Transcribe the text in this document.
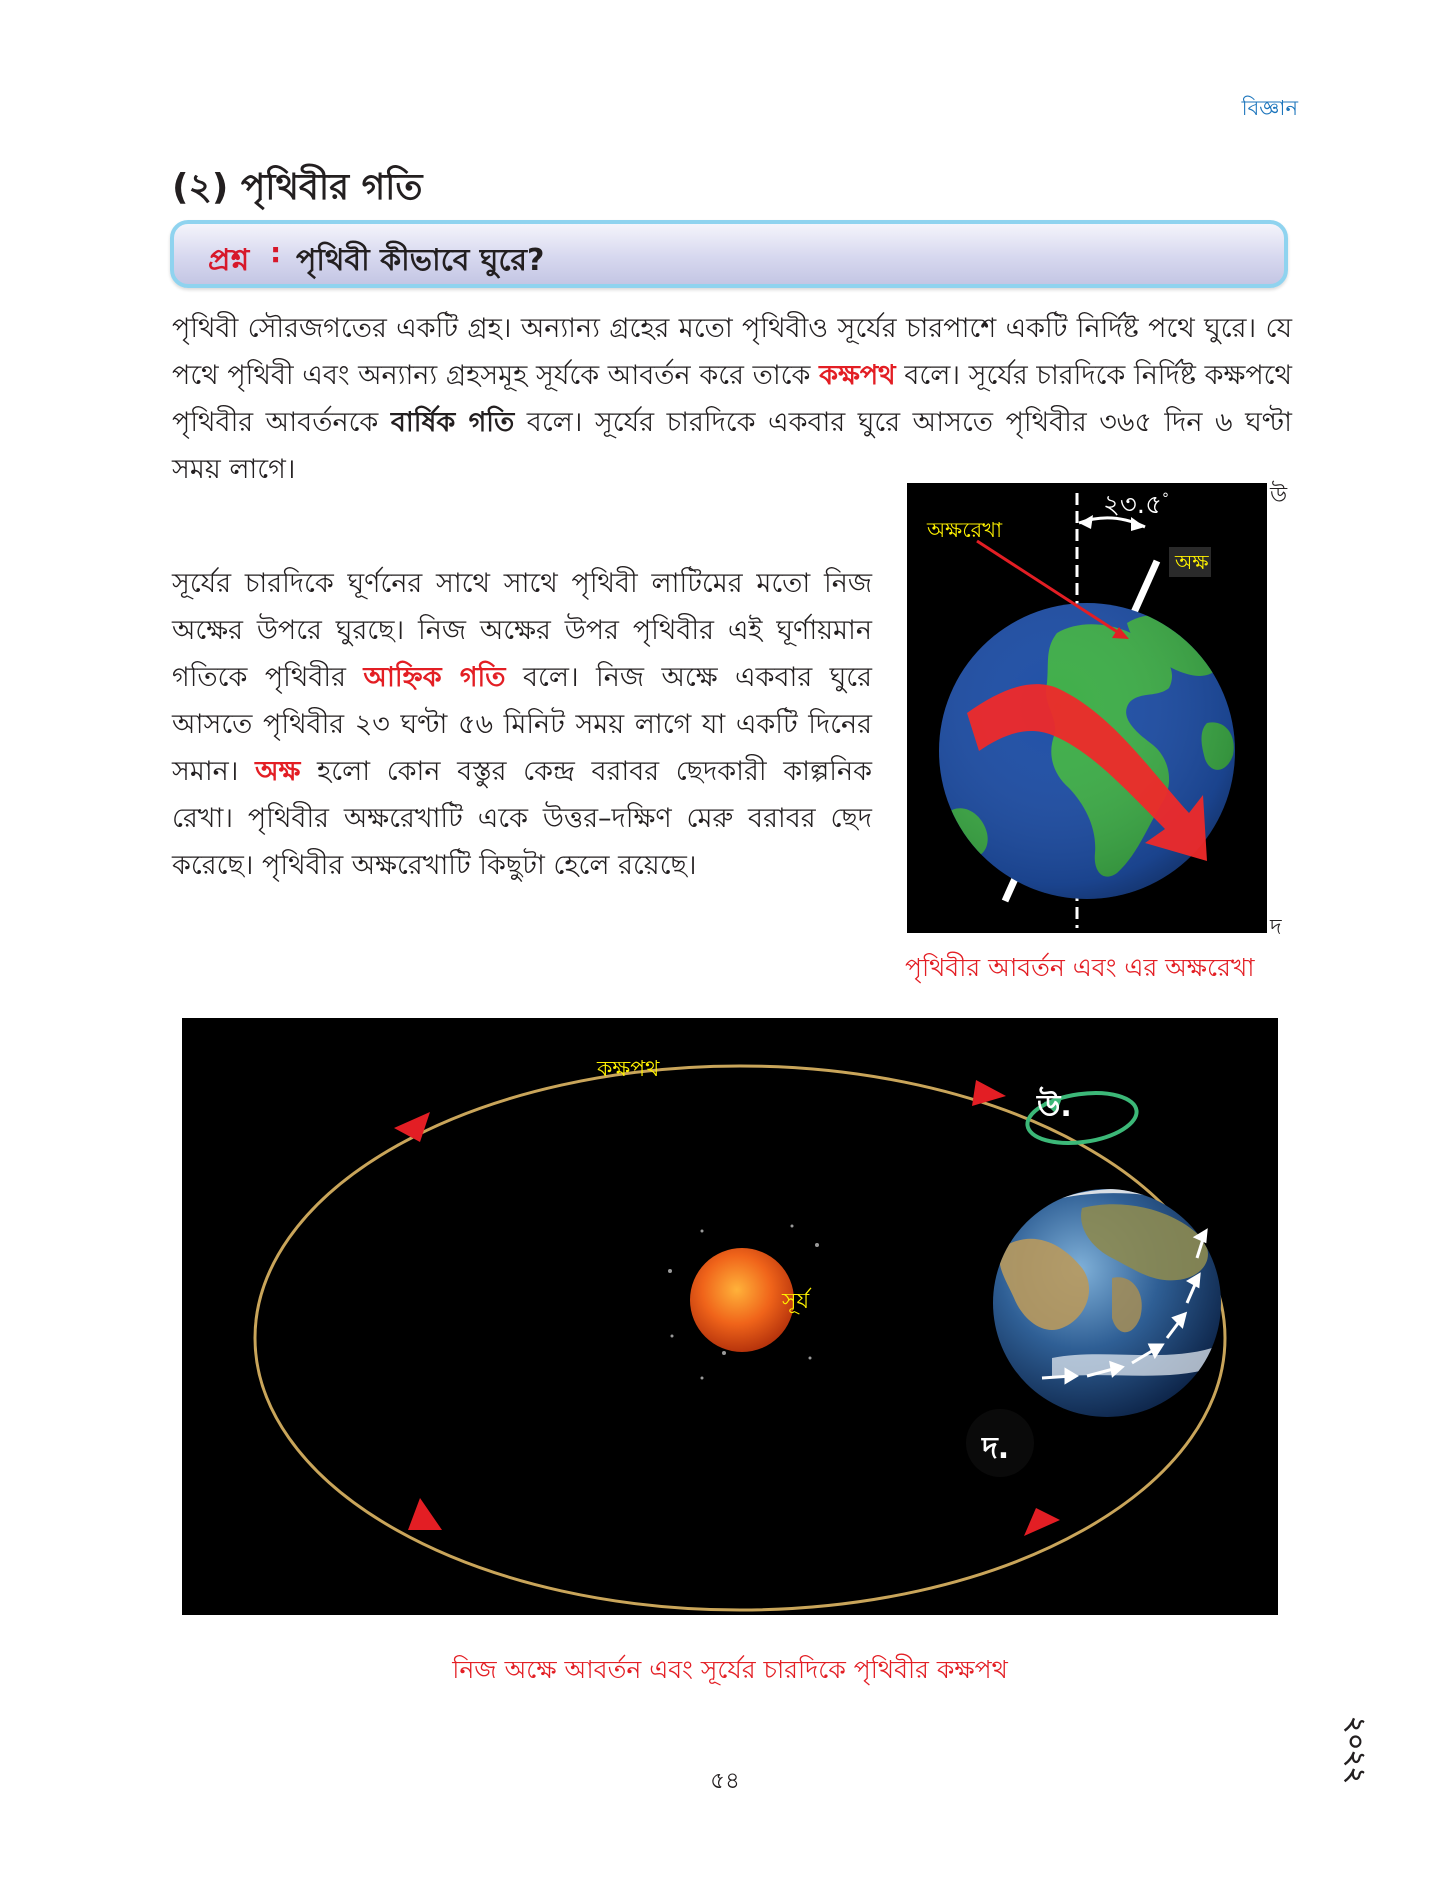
বিজ্ঞান
(২) পৃথিবীর গতি
প্রশ্ন : পৃথিবী কীভাবে ঘুরে?
পৃথিবী সৌরজগতের একটি গ্রহ। অন্যান্য গ্রহের মতো পৃথিবীও সূর্যের চারপাশে একটি নির্দিষ্ট পথে ঘুরে। যে পথে পৃথিবী এবং অন্যান্য গ্রহসমূহ সূর্যকে আবর্তন করে তাকে কক্ষপথ বলে। সূর্যের চারদিকে নির্দিষ্ট কক্ষপথে পৃথিবীর আবর্তনকে বার্ষিক গতি বলে। সূর্যের চারদিকে একবার ঘুরে আসতে পৃথিবীর ৩৬৫ দিন ৬ ঘণ্টা সময় লাগে।
সূর্যের চারদিকে ঘূর্ণনের সাথে সাথে পৃথিবী লাটিমের মতো নিজ অক্ষের উপরে ঘুরছে। নিজ অক্ষের উপর পৃথিবীর এই ঘূর্ণায়মান গতিকে পৃথিবীর আহ্নিক গতি বলে। নিজ অক্ষে একবার ঘুরে আসতে পৃথিবীর ২৩ ঘণ্টা ৫৬ মিনিট সময় লাগে যা একটি দিনের সমান। অক্ষ হলো কোন বস্তুর কেন্দ্র বরাবর ছেদকারী কাল্পনিক রেখা। পৃথিবীর অক্ষরেখাটি একে উত্তর–দক্ষিণ মেরু বরাবর ছেদ করেছে। পৃথিবীর অক্ষরেখাটি কিছুটা হেলে রয়েছে।
অক্ষরেখা
অক্ষ
২৩.৫°	উ
দ
পৃথিবীর আবর্তন এবং এর অক্ষরেখা
কক্ষপথ
সূর্য
উ.
দ.
নিজ অক্ষে আবর্তন এবং সূর্যের চারদিকে পৃথিবীর কক্ষপথ
৫৪	২০২২
